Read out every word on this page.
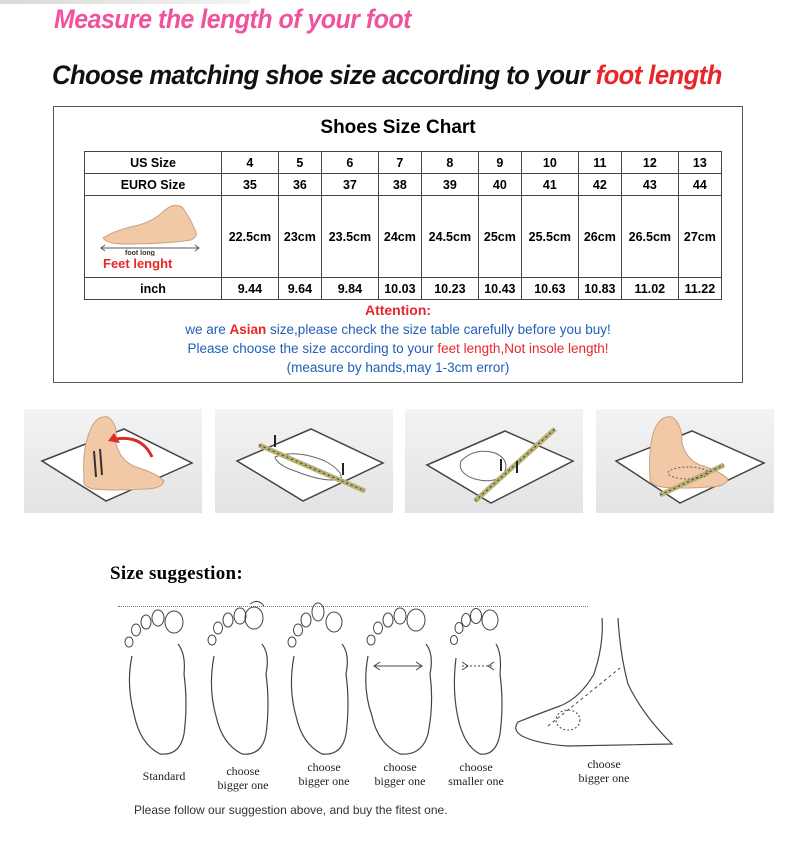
Measure the length of your foot
Choose matching shoe size according to your foot length
Shoes Size Chart
US Size	4	5	6	7	8	9	10	11	12	13
EURO Size	35	36	37	38	39	40	41	42	43	44

foot long
Feet lenght	22.5cm	23cm	23.5cm	24cm	24.5cm	25cm	25.5cm	26cm	26.5cm	27cm
inch	9.44	9.64	9.84	10.03	10.23	10.43	10.63	10.83	11.02	11.22
Attention:
we are Asian size,please check the size table carefully before you buy!
Please choose the size according to your feet length,Not insole length!
(measure by hands,may 1-3cm error)
Size suggestion:
Standard	choose
bigger one
choose
bigger one
choose
bigger one
choose
smaller one
choose
bigger one
Please follow our suggestion above, and buy the fitest one.
